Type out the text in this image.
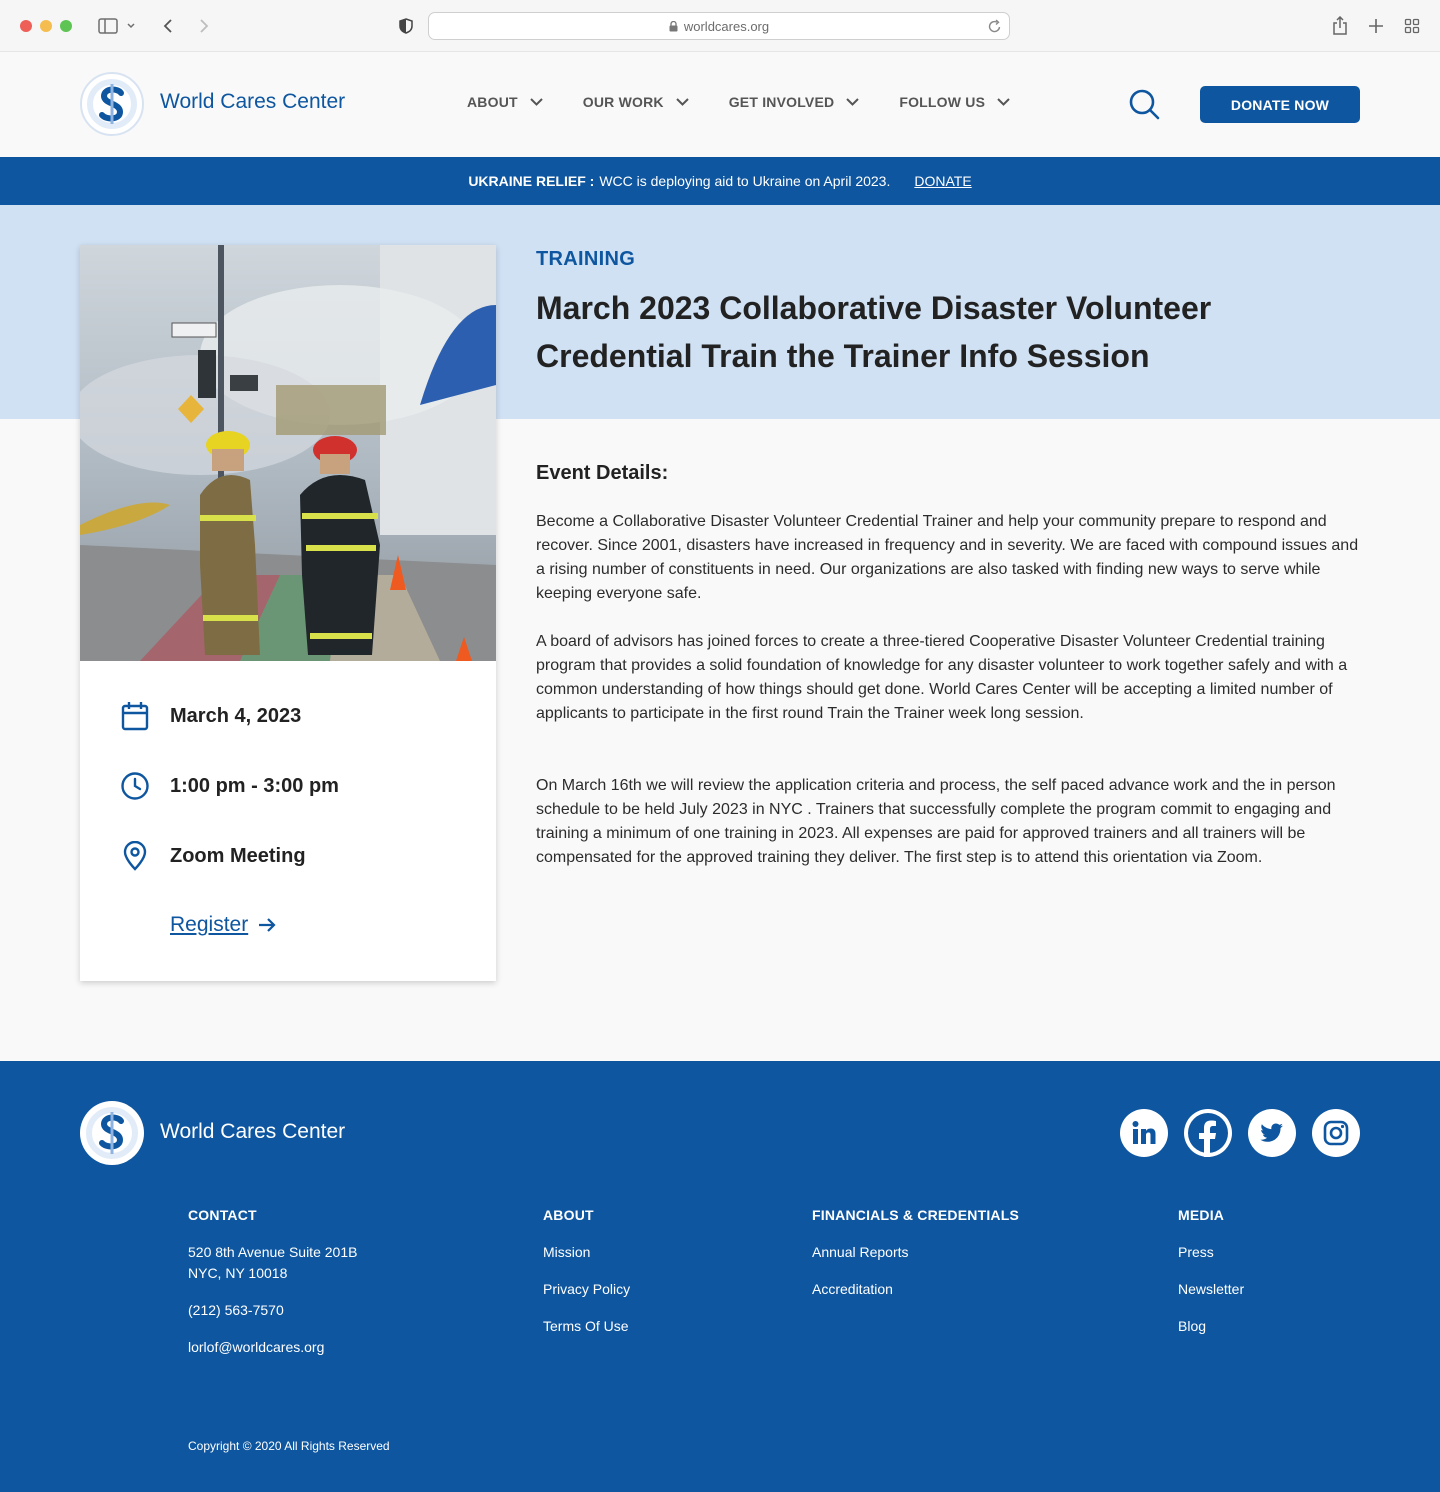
worldcares.org
World Cares Center	ABOUT	OUR WORK	GET INVOLVED	FOLLOW US	DONATE NOW
UKRAINE RELIEF : WCC is deploying aid to Ukraine on April 2023. DONATE
TRAINING
March 2023 Collaborative Disaster Volunteer Credential Train the Trainer Info Session
March 4, 2023
1:00 pm - 3:00 pm
Zoom Meeting
Register
Event Details:
Become a Collaborative Disaster Volunteer Credential Trainer and help your community prepare to respond and recover. Since 2001, disasters have increased in frequency and in severity. We are faced with compound issues and a rising number of constituents in need. Our organizations are also tasked with finding new ways to serve while keeping everyone safe.
A board of advisors has joined forces to create a three-tiered Cooperative Disaster Volunteer Credential training program that provides a solid foundation of knowledge for any disaster volunteer to work together safely and with a common understanding of how things should get done. World Cares Center will be accepting a limited number of applicants to participate in the first round Train the Trainer week long session.
On March 16th we will review the application criteria and process, the self paced advance work and the in person schedule to be held July 2023 in NYC . Trainers that successfully complete the program commit to engaging and training a minimum of one training in 2023. All expenses are paid for approved trainers and all trainers will be compensated for the approved training they deliver. The first step is to attend this orientation via Zoom.
World Cares Center
CONTACT
520 8th Avenue Suite 201B
NYC, NY 10018
(212) 563-7570
lorlof@worldcares.org
ABOUT
Mission
Privacy Policy
Terms Of Use
FINANCIALS & CREDENTIALS
Annual Reports
Accreditation
MEDIA
Press
Newsletter
Blog
Copyright © 2020 All Rights Reserved
